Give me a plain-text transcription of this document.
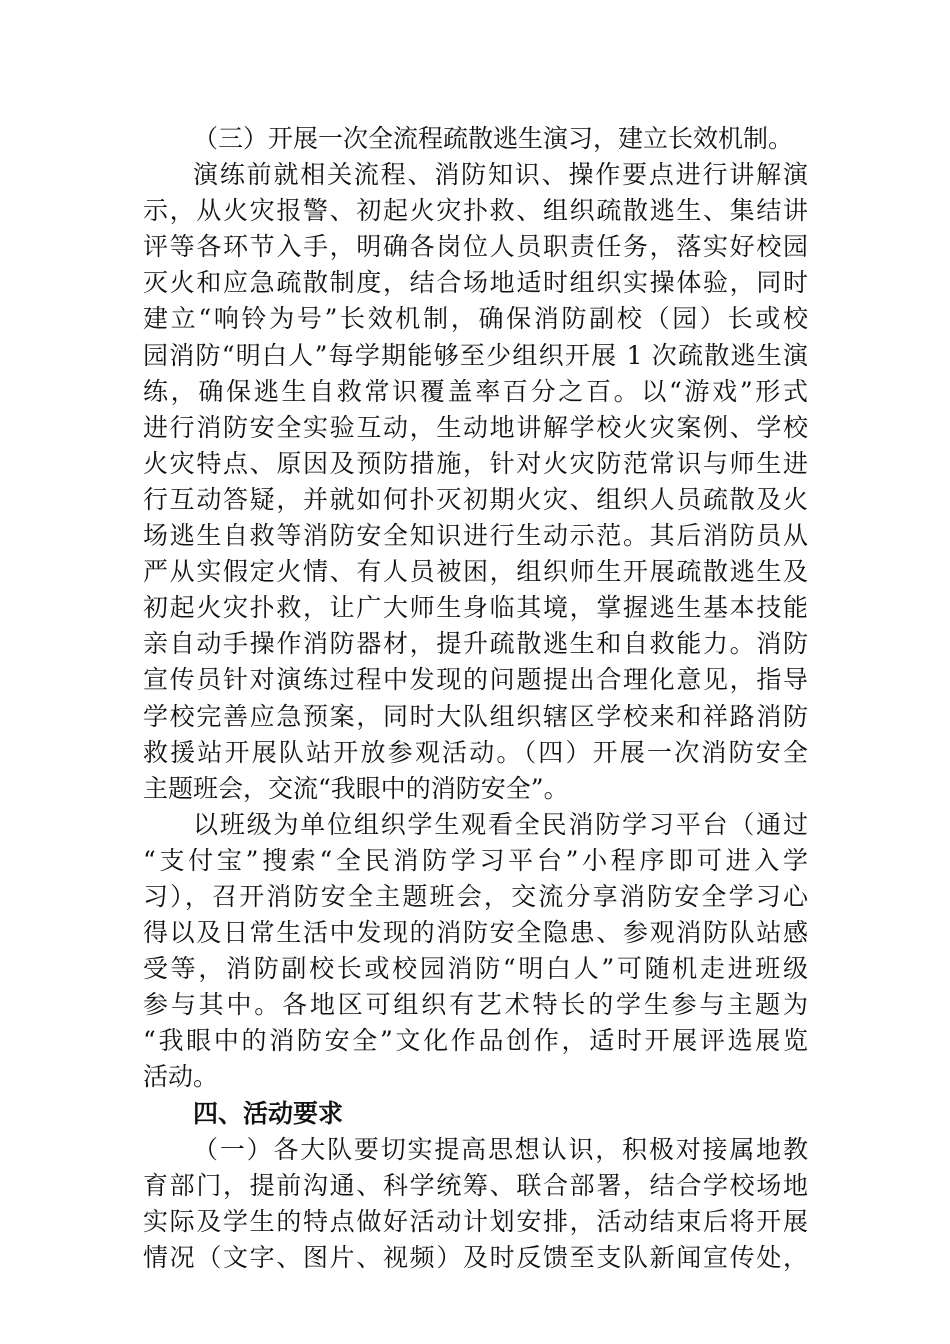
（三）开展一次全流程疏散逃生演习，建立长效机制。
演练前就相关流程、消防知识、操作要点进行讲解演
示，从火灾报警、初起火灾扑救、组织疏散逃生、集结讲
评等各环节入手，明确各岗位人员职责任务，落实好校园
灭火和应急疏散制度，结合场地适时组织实操体验，同时
建立“响铃为号”长效机制，确保消防副校（园）长或校
园消防“明白人”每学期能够至少组织开展 1 次疏散逃生演
练，确保逃生自救常识覆盖率百分之百。以“游戏”形式
进行消防安全实验互动，生动地讲解学校火灾案例、学校
火灾特点、原因及预防措施，针对火灾防范常识与师生进
行互动答疑，并就如何扑灭初期火灾、组织人员疏散及火
场逃生自救等消防安全知识进行生动示范。其后消防员从
严从实假定火情、有人员被困，组织师生开展疏散逃生及
初起火灾扑救，让广大师生身临其境，掌握逃生基本技能
亲自动手操作消防器材，提升疏散逃生和自救能力。消防
宣传员针对演练过程中发现的问题提出合理化意见，指导
学校完善应急预案，同时大队组织辖区学校来和祥路消防
救援站开展队站开放参观活动。（四）开展一次消防安全
主题班会，交流“我眼中的消防安全”。
以班级为单位组织学生观看全民消防学习平台（通过
“支付宝”搜索“全民消防学习平台”小程序即可进入学
习），召开消防安全主题班会，交流分享消防安全学习心
得以及日常生活中发现的消防安全隐患、参观消防队站感
受等，消防副校长或校园消防“明白人”可随机走进班级
参与其中。各地区可组织有艺术特长的学生参与主题为
“我眼中的消防安全”文化作品创作，适时开展评选展览
活动。
四、活动要求
（一）各大队要切实提高思想认识，积极对接属地教
育部门，提前沟通、科学统筹、联合部署，结合学校场地
实际及学生的特点做好活动计划安排，活动结束后将开展
情况（文字、图片、视频）及时反馈至支队新闻宣传处，
